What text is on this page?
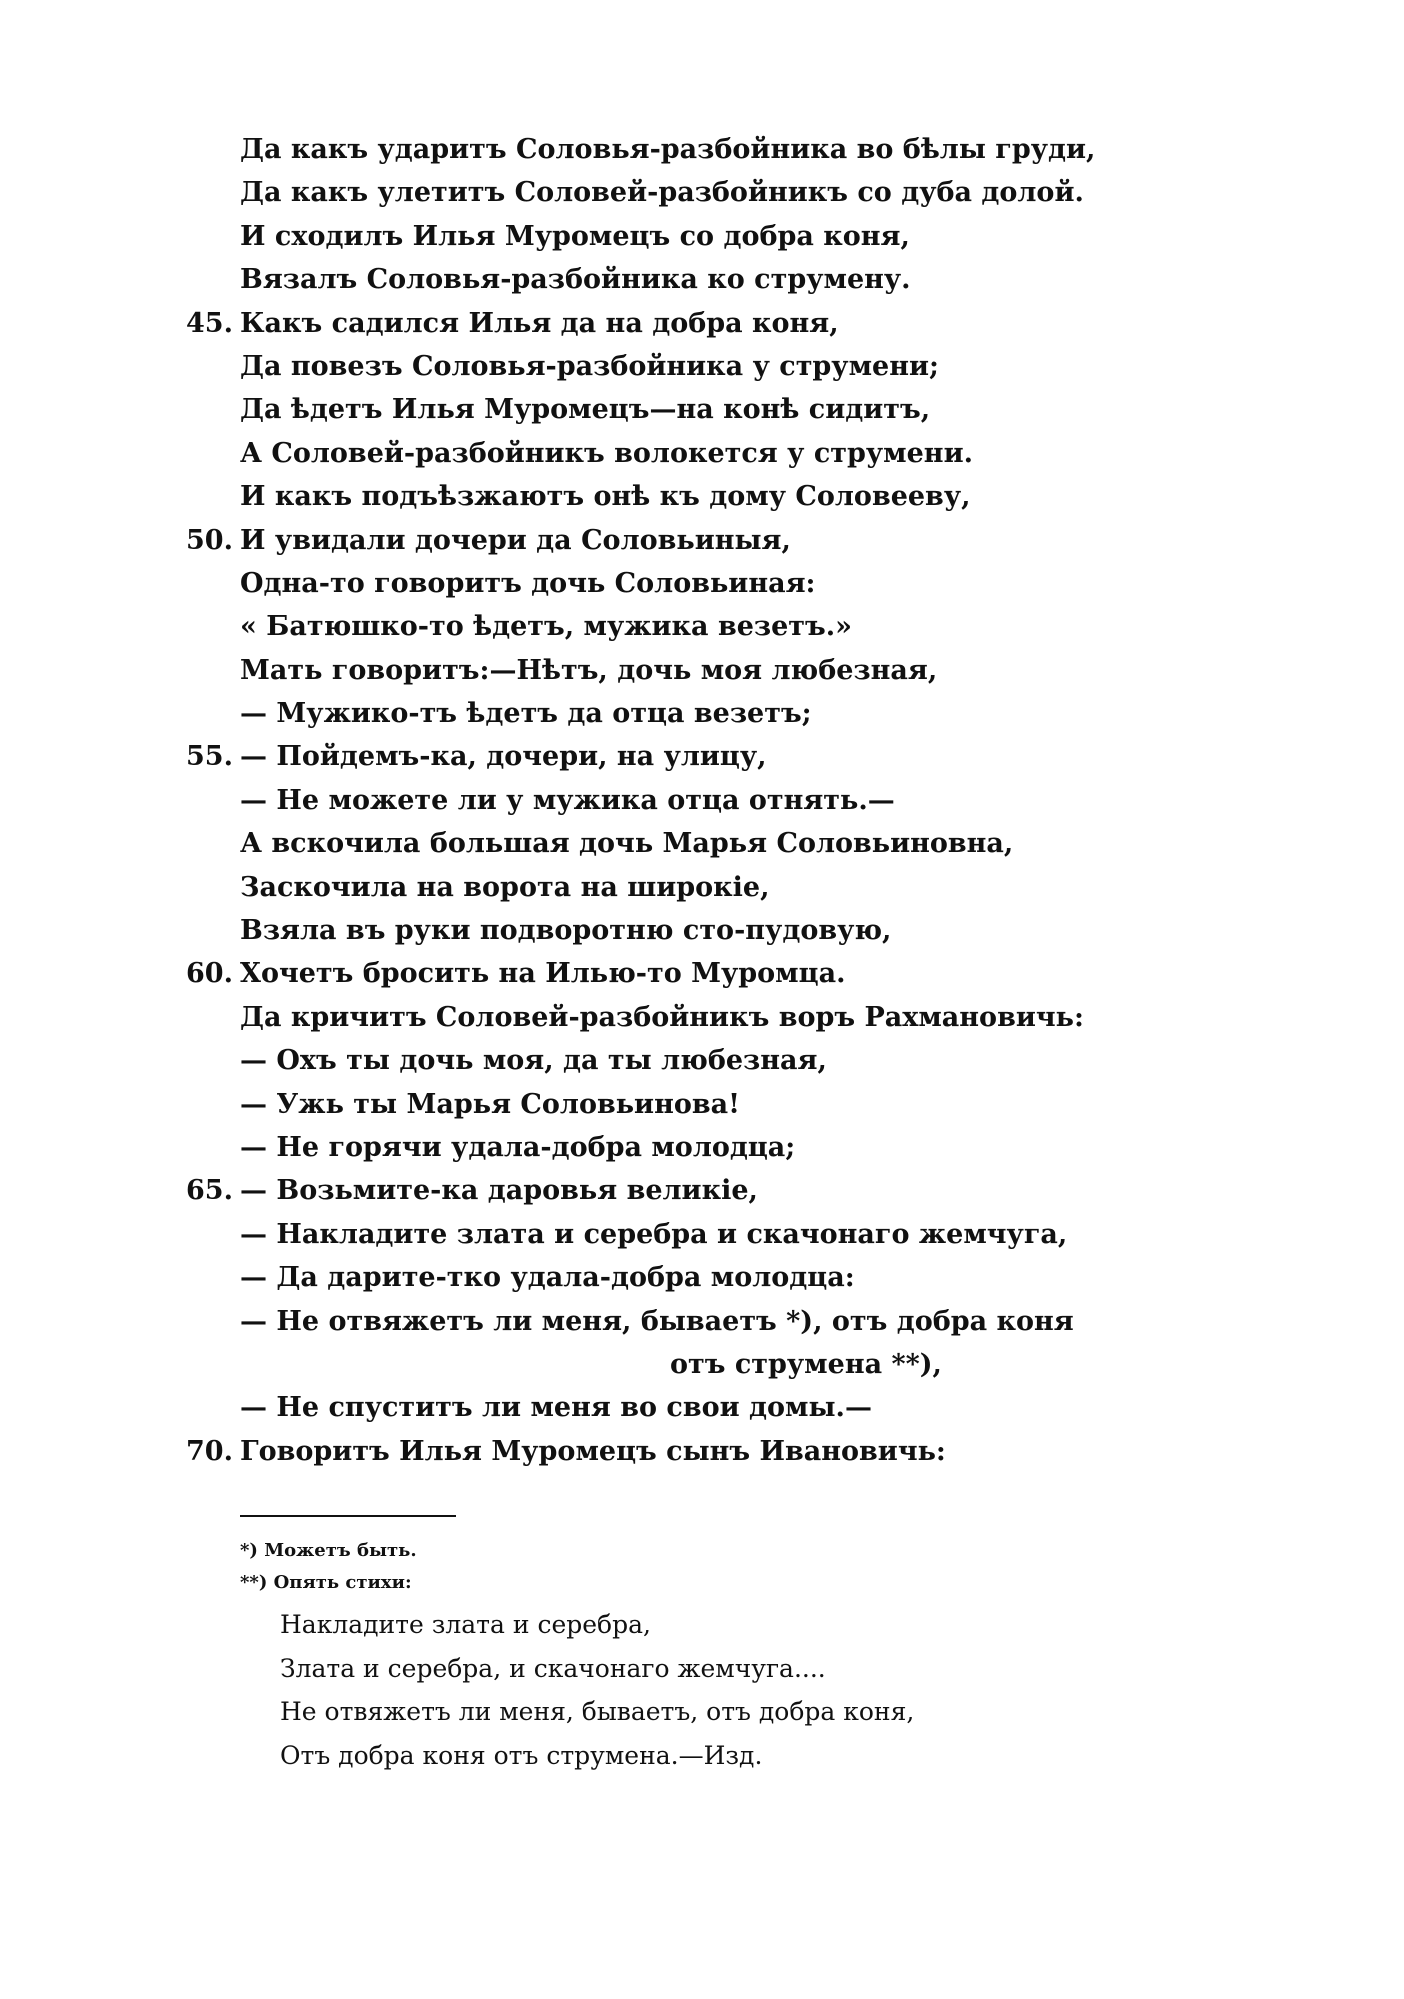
Да какъ ударитъ Соловья-разбойника во бѣлы груди,
Да какъ улетитъ Соловей-разбойникъ со дуба долой.
И сходилъ Илья Муромецъ со добра коня,
Вязалъ Соловья-разбойника ко струмену.
45. Какъ садился Илья да на добра коня,
Да повезъ Соловья-разбойника у струмени;
Да ѣдетъ Илья Муромецъ—на конѣ сидитъ,
А Соловей-разбойникъ волокется у струмени.
И какъ подъѣзжаютъ онѣ къ дому Соловееву,
50. И увидали дочери да Соловьиныя,
Одна-то говоритъ дочь Соловьиная:
« Батюшко-то ѣдетъ, мужика везетъ.»
Мать говоритъ:—Нѣтъ, дочь моя любезная,
— Мужико-тъ ѣдетъ да отца везетъ;
55. — Пойдемъ-ка, дочери, на улицу,
— Не можете ли у мужика отца отнять.—
А вскочила большая дочь Марья Соловьиновна,
Заскочила на ворота на широкіе,
Взяла въ руки подворотню сто-пудовую,
60. Хочетъ бросить на Илью-то Муромца.
Да кричитъ Соловей-разбойникъ воръ Рахмановичь:
— Охъ ты дочь моя, да ты любезная,
— Ужь ты Марья Соловьинова!
— Не горячи удала-добра молодца;
65. — Возьмите-ка даровья великіе,
— Накладите злата и серебра и скачонаго жемчуга,
— Да дарите-тко удала-добра молодца:
— Не отвяжетъ ли меня, бываетъ *), отъ добра коня
отъ струмена **),
— Не спуститъ ли меня во свои домы.—
70. Говоритъ Илья Муромецъ сынъ Ивановичь:
*) Можетъ быть.
**) Опять стихи:
Накладите злата и серебра,
Злата и серебра, и скачонаго жемчуга....
Не отвяжетъ ли меня, бываетъ, отъ добра коня,
Отъ добра коня отъ струмена.—Изд.
